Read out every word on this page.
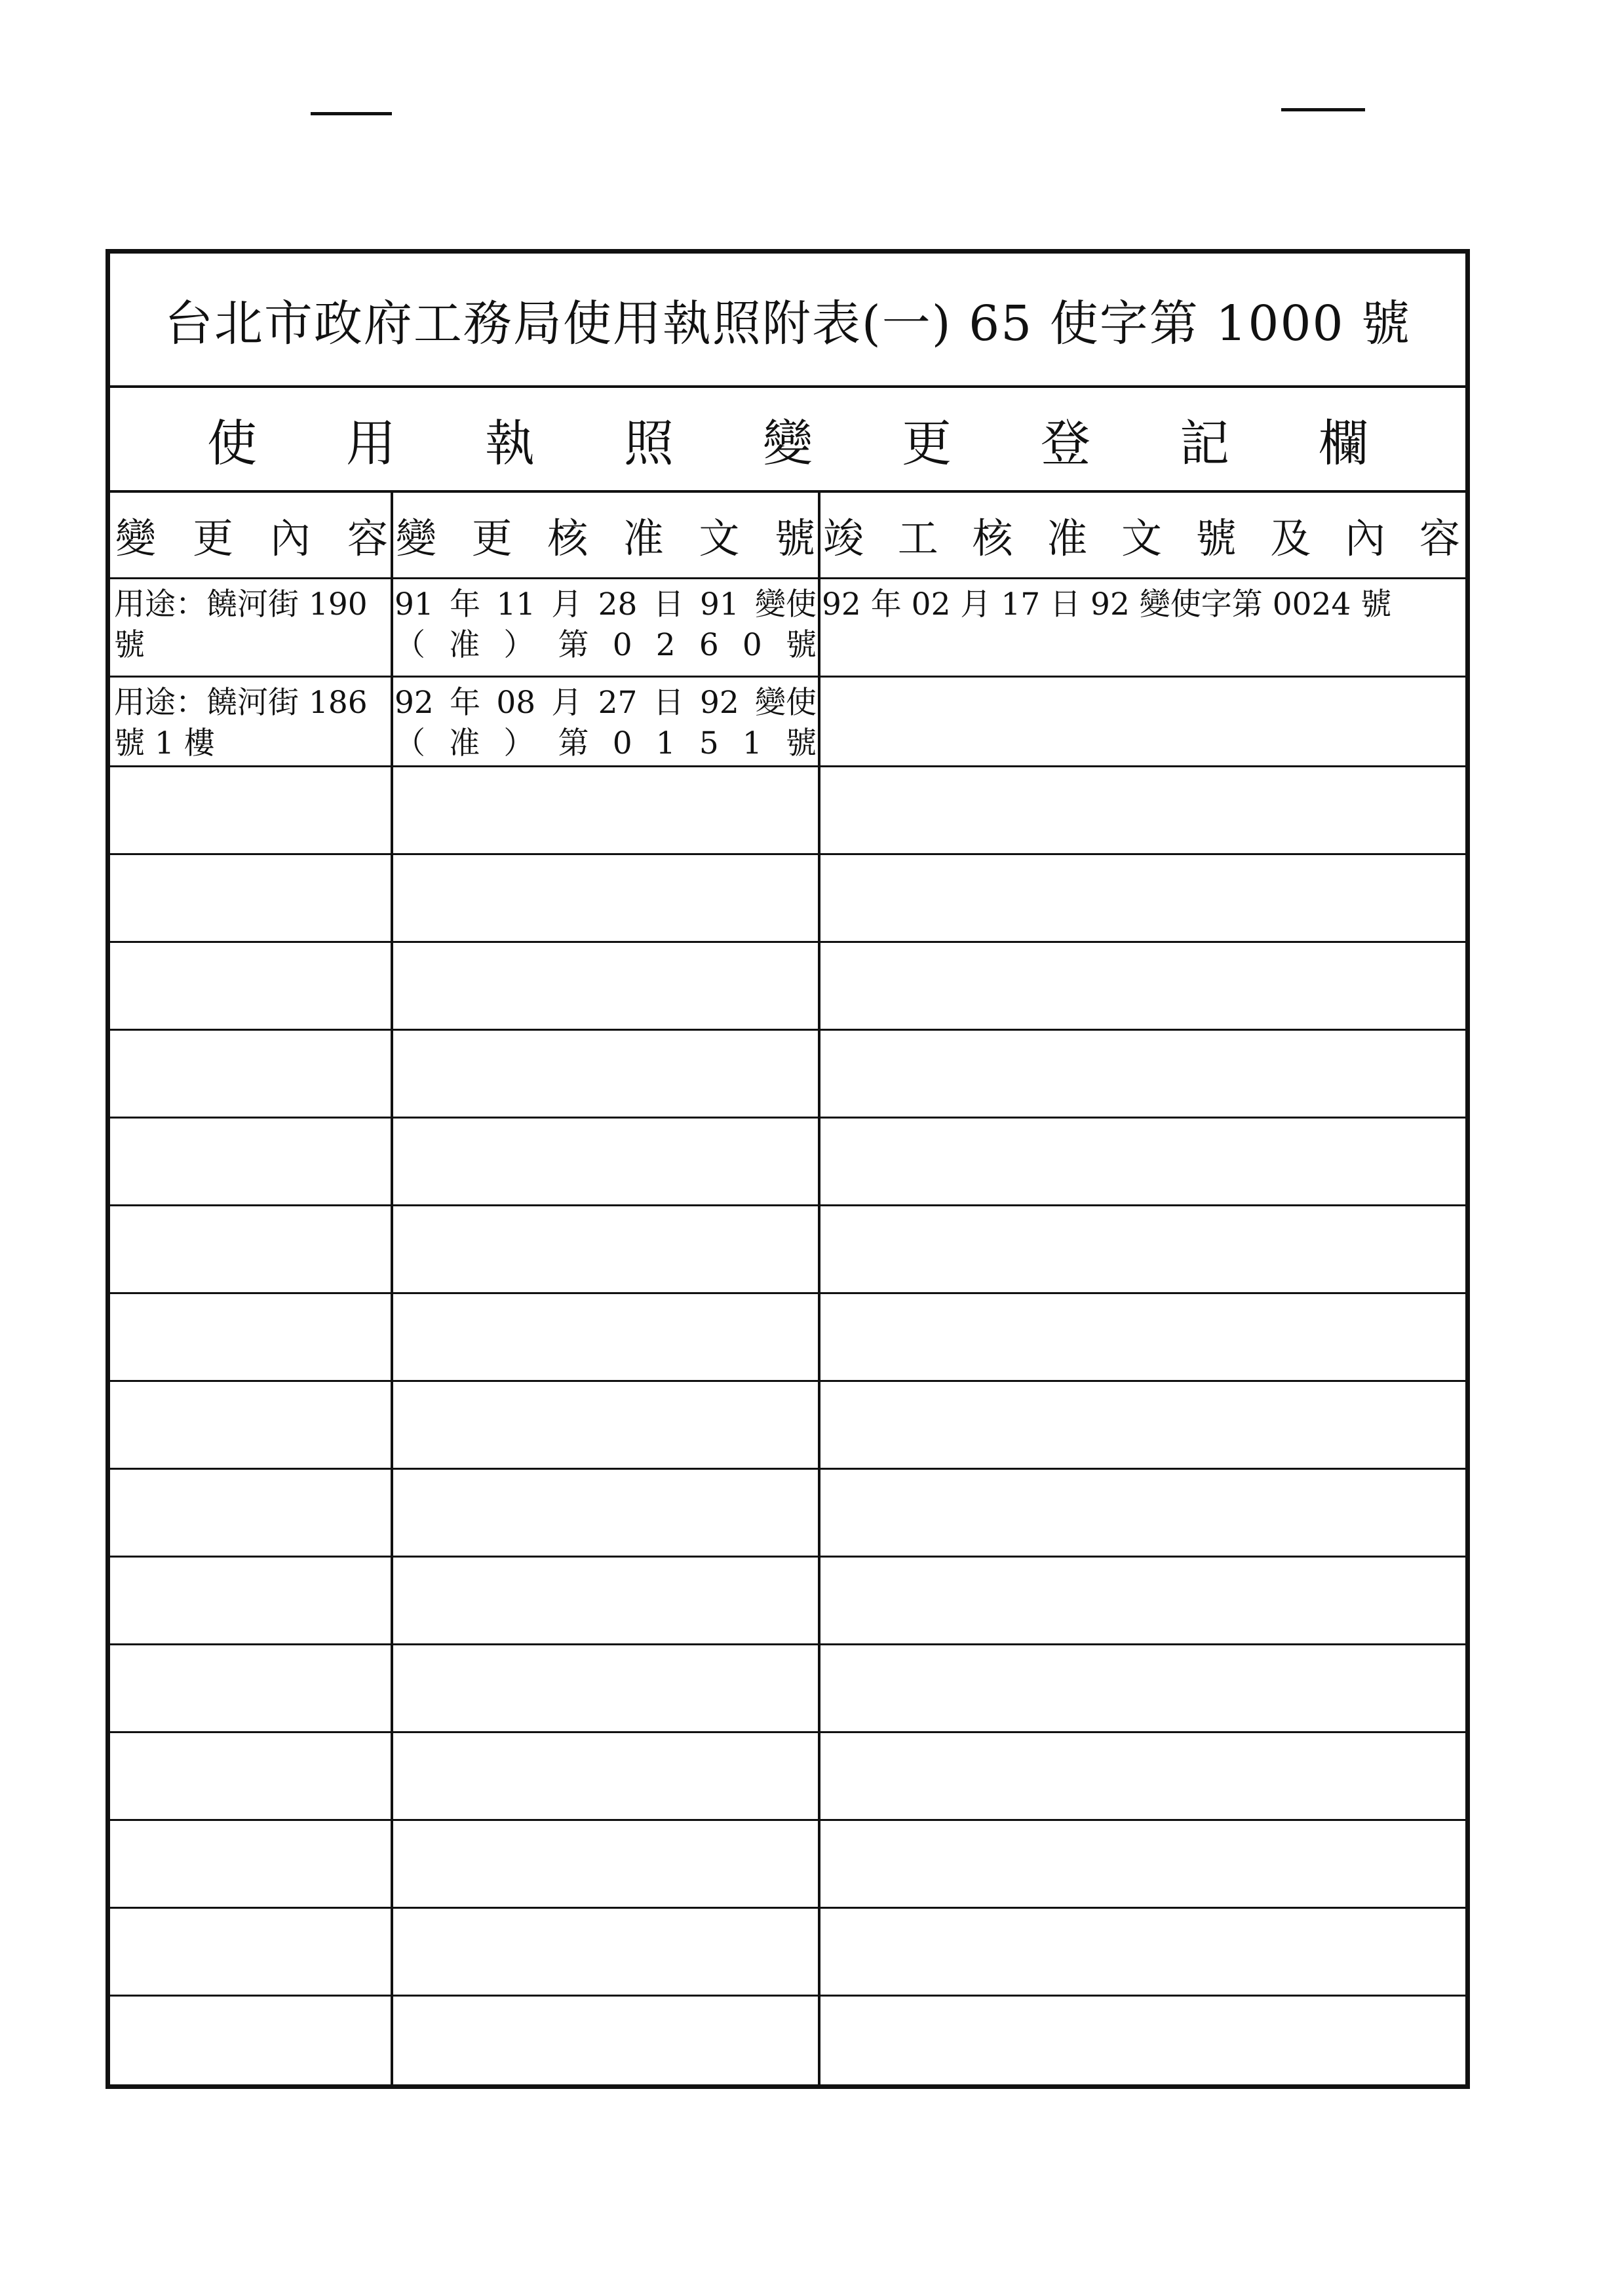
台北市政府工務局使用執照附表(一) 65 使字第 1000 號
使 用 執 照 變 更 登 記 欄
變 更 內 容 變 更 核 准 文 號 竣 工 核 准 文 號 及 內 容
用途：饒河街 190
號
91 年 11 月 28 日 91 變使
（ 准 ） 第 0 2 6 0 號
92 年 02 月 17 日 92 變使字第 0024 號
用途：饒河街 186
號 1 樓
92 年 08 月 27 日 92 變使
（ 准 ） 第 0 1 5 1 號
